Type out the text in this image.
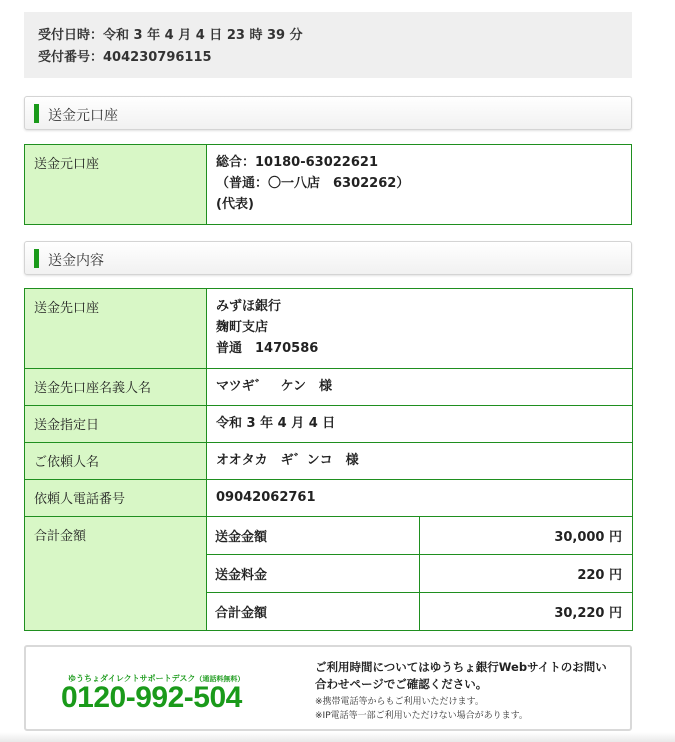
受付日時：令和 3 年 4 月 4 日 23 時 39 分
受付番号：404230796115
送金元口座
送金元口座	総合：10180-63022621
（普通：〇一八店　6302262）
(代表)
送金内容
送金先口座	みずほ銀行
麹町支店
普通　1470586	

送金先口座名義人名	マツギ゛　ケン　様	
送金指定日	令和 3 年 4 月 4 日	
ご依頼人名	オオタカ　ギ゛ンコ　様	
依頼人電話番号	09042062761	
合計金額	送金金額	30,000 円
	送金料金	220 円
	合計金額	30,220 円
ゆうちょダイレクトサポートデスク（通話料無料）
0120-992-504
ご利用時間についてはゆうちょ銀行Webサイトのお問い合わせページでご確認ください。
※携帯電話等からもご利用いただけます。
※IP電話等一部ご利用いただけない場合があります。
